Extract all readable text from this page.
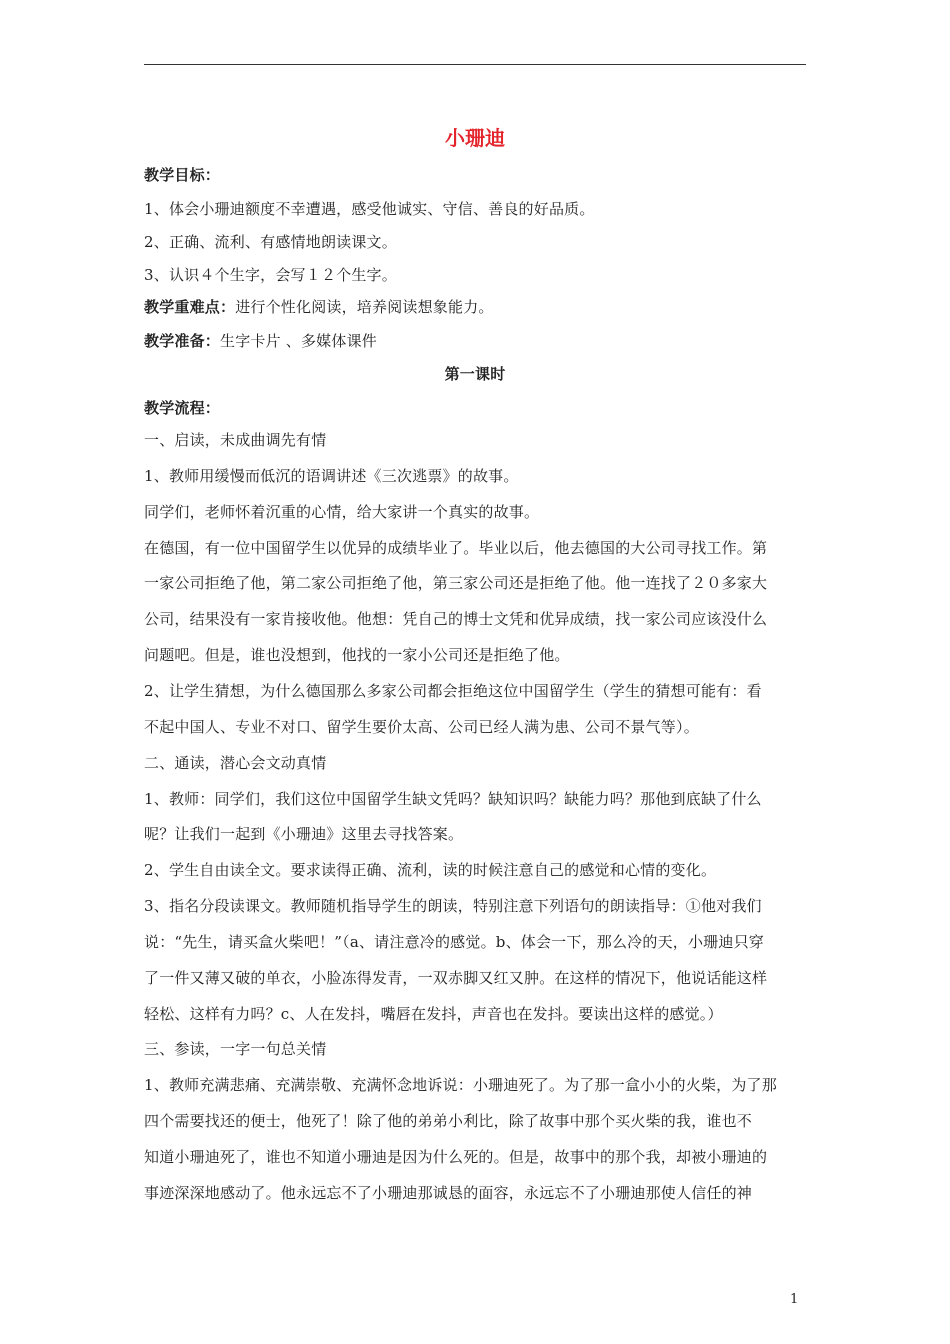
小珊迪
教学目标：
1、体会小珊迪额度不幸遭遇，感受他诚实、守信、善良的好品质。
2、正确、流利、有感情地朗读课文。
3、认识４个生字，会写１２个生字。
教学重难点：进行个性化阅读，培养阅读想象能力。
教学准备：生字卡片 、多媒体课件
第一课时
教学流程：
一、启读，未成曲调先有情
1、教师用缓慢而低沉的语调讲述《三次逃票》的故事。
同学们，老师怀着沉重的心情，给大家讲一个真实的故事。
在德国，有一位中国留学生以优异的成绩毕业了。毕业以后，他去德国的大公司寻找工作。第
一家公司拒绝了他，第二家公司拒绝了他，第三家公司还是拒绝了他。他一连找了２０多家大
公司，结果没有一家肯接收他。他想：凭自己的博士文凭和优异成绩，找一家公司应该没什么
问题吧。但是，谁也没想到，他找的一家小公司还是拒绝了他。
2、让学生猜想，为什么德国那么多家公司都会拒绝这位中国留学生（学生的猜想可能有：看
不起中国人、专业不对口、留学生要价太高、公司已经人满为患、公司不景气等）。
二、通读，潜心会文动真情
1、教师：同学们，我们这位中国留学生缺文凭吗？缺知识吗？缺能力吗？那他到底缺了什么
呢？让我们一起到《小珊迪》这里去寻找答案。
2、学生自由读全文。要求读得正确、流利，读的时候注意自己的感觉和心情的变化。
3、指名分段读课文。教师随机指导学生的朗读，特别注意下列语句的朗读指导：①他对我们
说：“先生，请买盒火柴吧！”（a、请注意冷的感觉。b、体会一下，那么冷的天，小珊迪只穿
了一件又薄又破的单衣，小脸冻得发青，一双赤脚又红又肿。在这样的情况下，他说话能这样
轻松、这样有力吗？c、人在发抖，嘴唇在发抖，声音也在发抖。要读出这样的感觉。）
三、参读，一字一句总关情
1、教师充满悲痛、充满崇敬、充满怀念地诉说：小珊迪死了。为了那一盒小小的火柴，为了那
四个需要找还的便士，他死了！除了他的弟弟小利比，除了故事中那个买火柴的我，谁也不
知道小珊迪死了，谁也不知道小珊迪是因为什么死的。但是，故事中的那个我，却被小珊迪的
事迹深深地感动了。他永远忘不了小珊迪那诚恳的面容，永远忘不了小珊迪那使人信任的神
1
